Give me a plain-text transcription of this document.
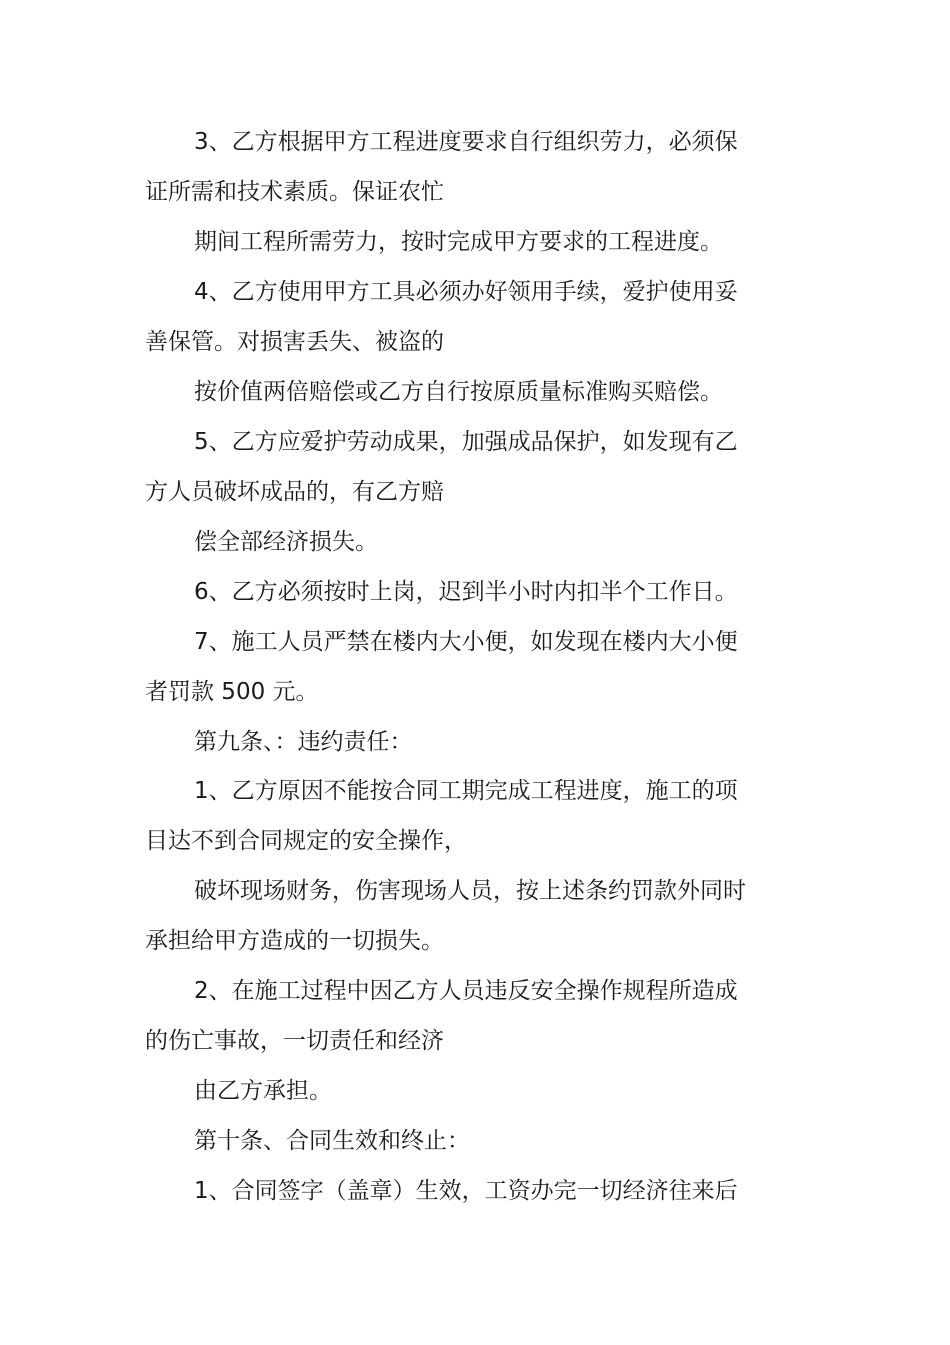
3、乙方根据甲方工程进度要求自行组织劳力，必须保
证所需和技术素质。保证农忙
期间工程所需劳力，按时完成甲方要求的工程进度。
4、乙方使用甲方工具必须办好领用手续，爱护使用妥
善保管。对损害丢失、被盗的
按价值两倍赔偿或乙方自行按原质量标准购买赔偿。
5、乙方应爱护劳动成果，加强成品保护，如发现有乙
方人员破坏成品的，有乙方赔
偿全部经济损失。
6、乙方必须按时上岗，迟到半小时内扣半个工作日。
7、施工人员严禁在楼内大小便，如发现在楼内大小便
者罚款 500 元。
第九条、：违约责任：
1、乙方原因不能按合同工期完成工程进度，施工的项
目达不到合同规定的安全操作，
破坏现场财务，伤害现场人员，按上述条约罚款外同时
承担给甲方造成的一切损失。
2、在施工过程中因乙方人员违反安全操作规程所造成
的伤亡事故，一切责任和经济
由乙方承担。
第十条、合同生效和终止：
1、合同签字（盖章）生效，工资办完一切经济往来后
